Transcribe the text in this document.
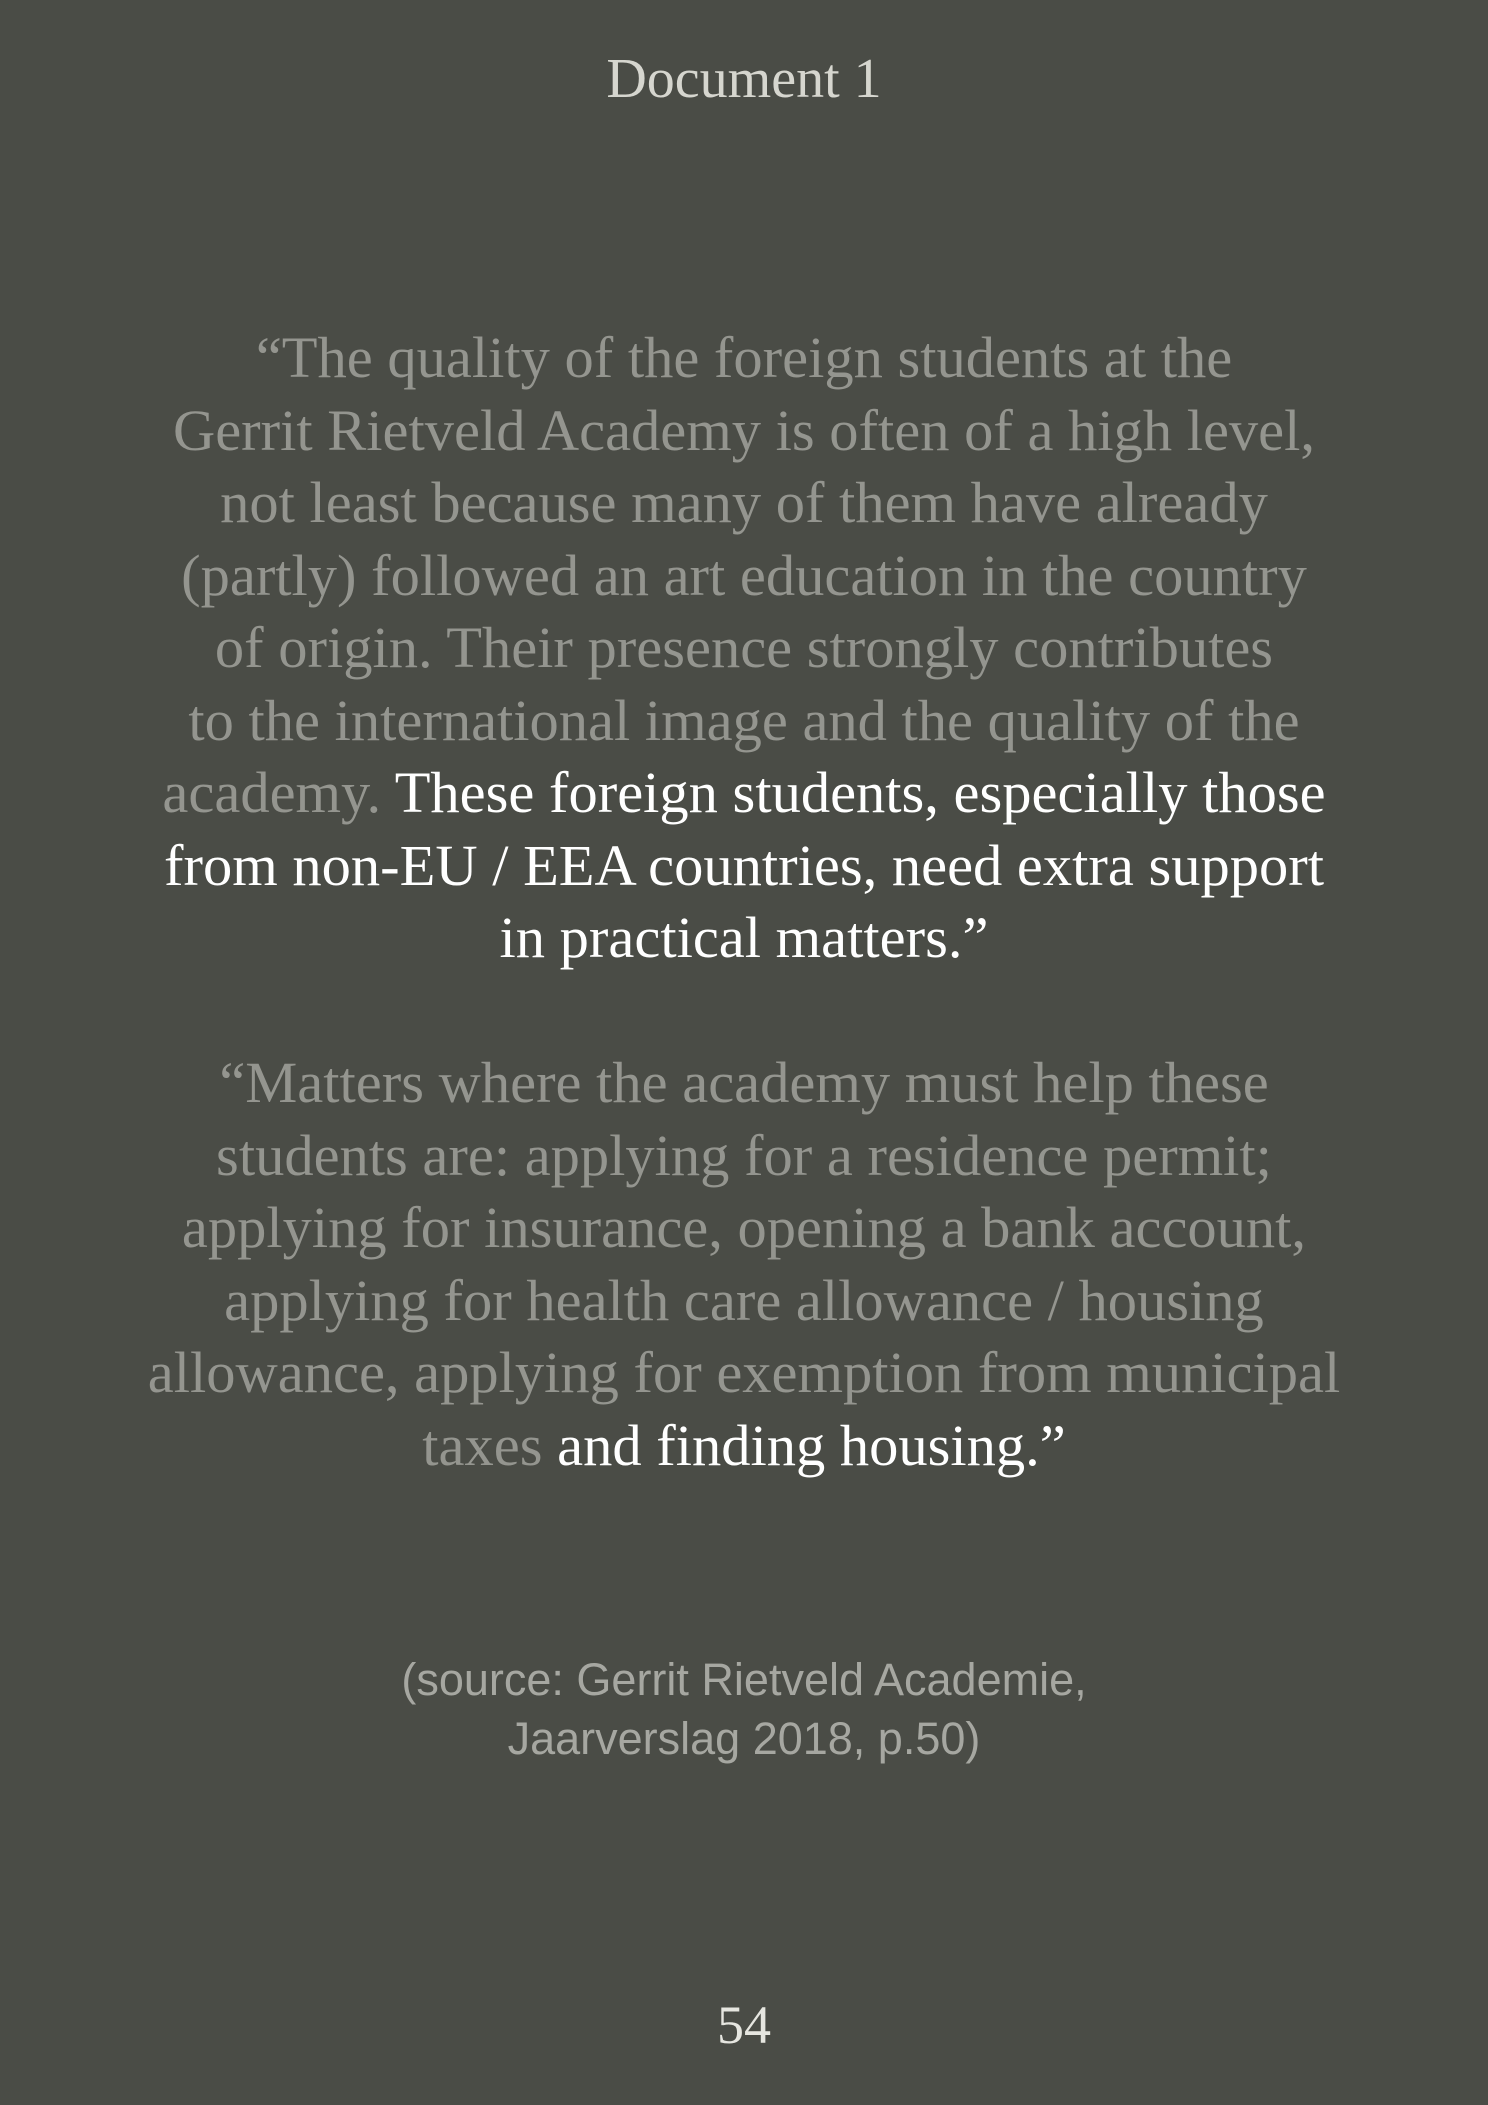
Document 1

“The quality of the foreign students at the
Gerrit Rietveld Academy is often of a high level,
not least because many of them have already
(partly) followed an art education in the country
of origin. Their presence strongly contributes
to the international image and the quality of the
academy. These foreign students, especially those
from non-EU / EEA countries, need extra support
in practical matters.”

“Matters where the academy must help these
students are: applying for a residence permit;
applying for insurance, opening a bank account,
applying for health care allowance / housing
allowance, applying for exemption from municipal
taxes and finding housing.”

(source: Gerrit Rietveld Academie,
Jaarverslag 2018, p.50)
54
